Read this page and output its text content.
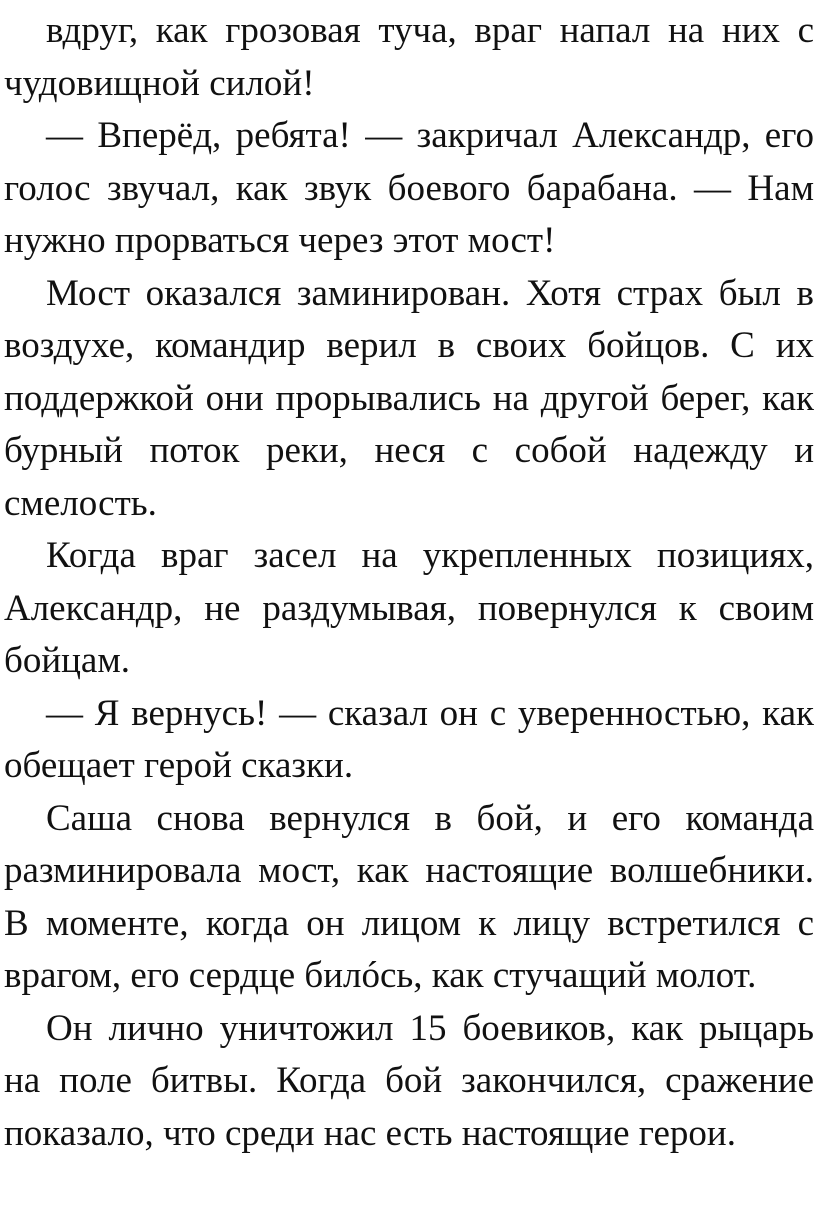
вдруг, как грозовая туча, враг напал на них с чудовищной силой!

— Вперёд, ребята! — закричал Александр, его голос звучал, как звук боевого барабана. — Нам нужно прорваться через этот мост!

Мост оказался заминирован. Хотя страх был в воздухе, командир верил в своих бойцов. С их поддержкой они прорывались на другой берег, как бурный поток реки, неся с собой надежду и смелость.

Когда враг засел на укрепленных позициях, Александр, не раздумывая, повернулся к своим бойцам.

— Я вернусь! — сказал он с уверенностью, как обещает герой сказки.

Саша снова вернулся в бой, и его команда разминировала мост, как настоящие волшебники. В моменте, когда он лицом к лицу встретился с врагом, его сердце билóсь, как стучащий молот.

Он лично уничтожил 15 боевиков, как рыцарь на поле битвы. Когда бой закончился, сражение показало, что среди нас есть настоящие герои.
